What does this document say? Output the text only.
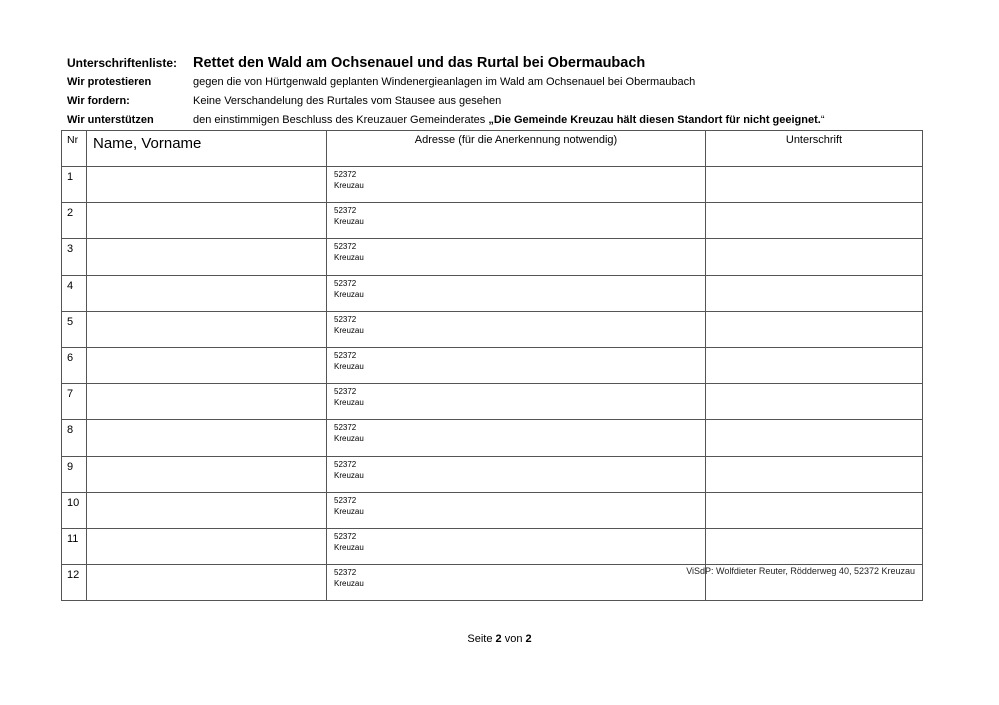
Unterschriftenliste:	Rettet den Wald am Ochsenauel und das Rurtal bei Obermaubach
Wir protestieren	gegen die von Hürtgenwald geplanten Windenergieanlagen im Wald am Ochsenauel bei Obermaubach
Wir fordern:	Keine Verschandelung des Rurtales vom Stausee aus gesehen
Wir unterstützen	den einstimmigen Beschluss des Kreuzauer Gemeinderates „Die Gemeinde Kreuzau hält diesen Standort für nicht geeignet.“
Nr	Name, Vorname	Adresse (für die Anerkennung notwendig)	Unterschrift
1		52372
Kreuzau	

2		52372
Kreuzau	

3		52372
Kreuzau	

4		52372
Kreuzau	

5		52372
Kreuzau	

6		52372
Kreuzau	

7		52372
Kreuzau	

8		52372
Kreuzau	

9		52372
Kreuzau	

10		52372
Kreuzau	

11		52372
Kreuzau	

12		52372
Kreuzau	

ViSdP: Wolfdieter Reuter, Rödderweg 40, 52372 Kreuzau
Seite 2 von 2
